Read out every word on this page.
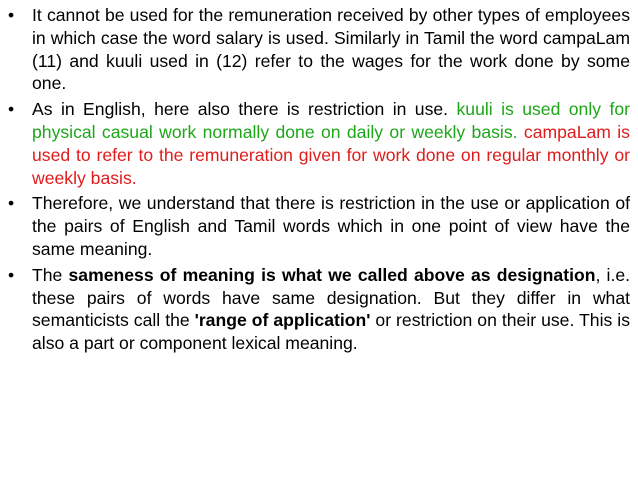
•	It cannot be used for the remuneration received by other types of employees in which case the word salary is used. Similarly in Tamil the word campaLam (11) and kuuli used in (12) refer to the wages for the work done by some one.
•	As in English, here also there is restriction in use. kuuli is used only for physical casual work normally done on daily or weekly basis. campaLam is used to refer to the remuneration given for work done on regular monthly or weekly basis.
•	Therefore, we understand that there is restriction in the use or application of the pairs of English and Tamil words which in one point of view have the same meaning.
•	The sameness of meaning is what we called above as designation, i.e. these pairs of words have same designation. But they differ in what semanticists call the 'range of application' or restriction on their use. This is also a part or component lexical meaning.
